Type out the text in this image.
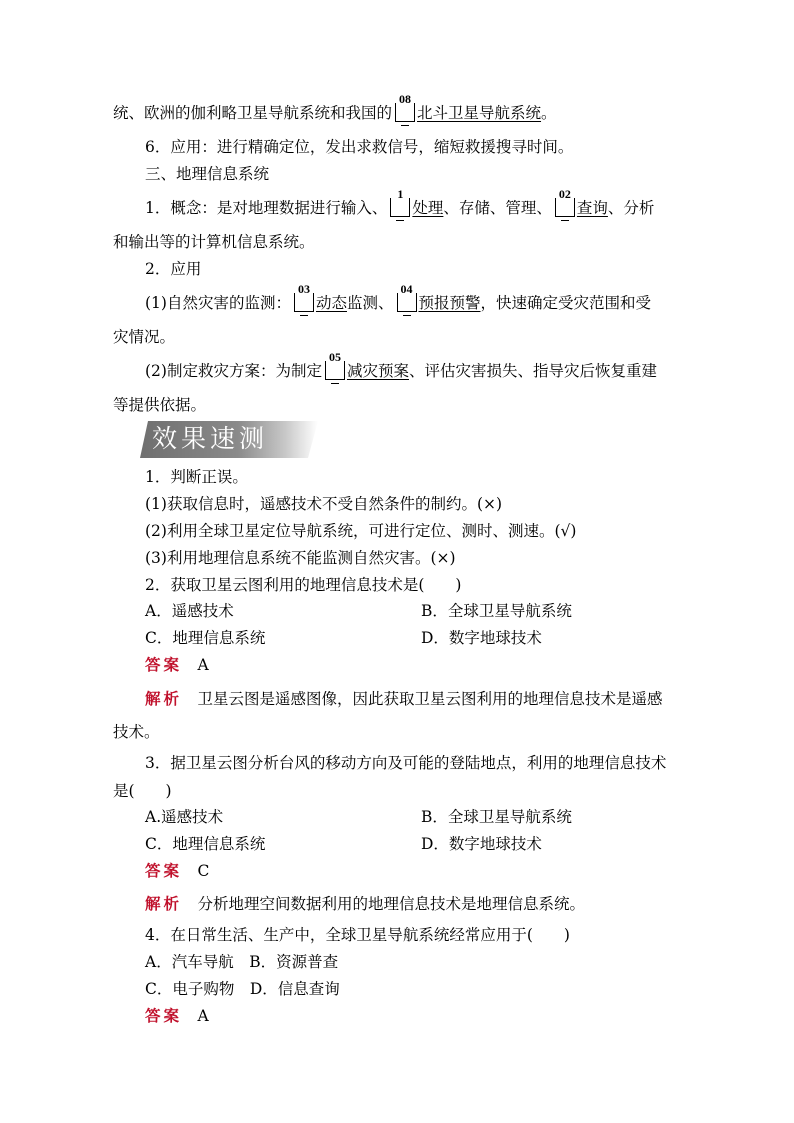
统、欧洲的伽利略卫星导航系统和我国的
08
北斗卫星导航系统。
6．应用：进行精确定位，发出求救信号，缩短救援搜寻时间。
三、地理信息系统
1．概念：是对地理数据进行输入、
1
处理、存储、管理、
02
查询、分析
和输出等的计算机信息系统。
2．应用
(1)自然灾害的监测：
03
动态监测、
04
预报预警，快速确定受灾范围和受
灾情况。
(2)制定救灾方案：为制定
05
减灾预案、评估灾害损失、指导灾后恢复重建
等提供依据。
效果速测
1．判断正误。
(1)获取信息时，遥感技术不受自然条件的制约。(×)
(2)利用全球卫星定位导航系统，可进行定位、测时、测速。(√)
(3)利用地理信息系统不能监测自然灾害。(×)
2．获取卫星云图利用的地理信息技术是(　　)
A．遥感技术	B．全球卫星导航系统
C．地理信息系统	D．数字地球技术
答案　 A
解析　 卫星云图是遥感图像，因此获取卫星云图利用的地理信息技术是遥感
技术。
3．据卫星云图分析台风的移动方向及可能的登陆地点，利用的地理信息技术
是(　　)
A.遥感技术	B．全球卫星导航系统
C．地理信息系统	D．数字地球技术
答案　 C
解析　 分析地理空间数据利用的地理信息技术是地理信息系统。
4．在日常生活、生产中，全球卫星导航系统经常应用于(　　)
A．汽车导航　B．资源普查
C．电子购物　D．信息查询
答案　 A
